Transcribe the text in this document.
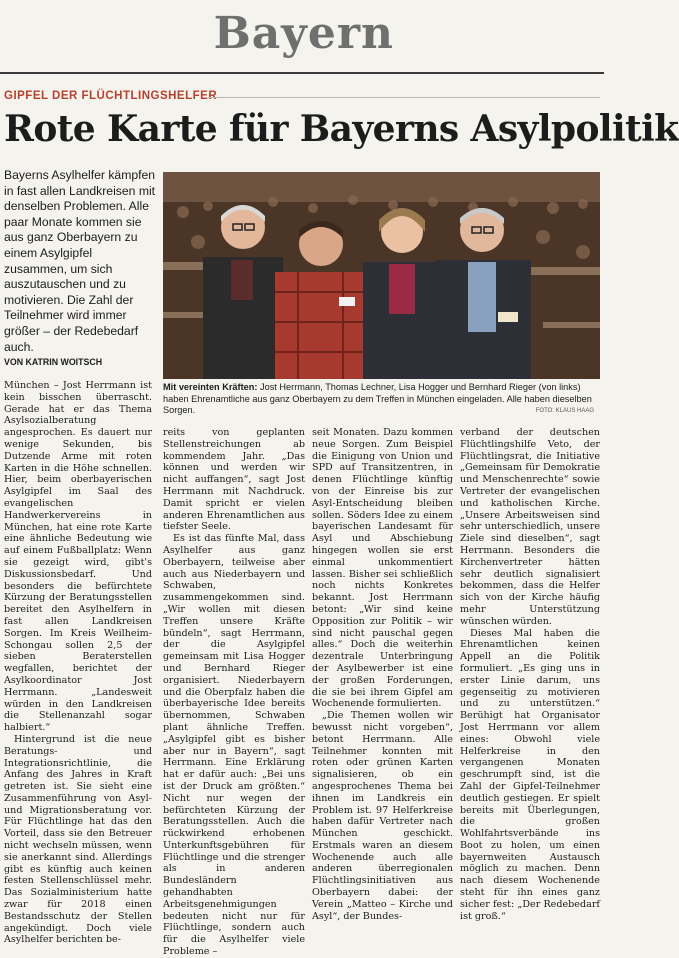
Bayern
GIPFEL DER FLÜCHTLINGSHELFER
Rote Karte für Bayerns Asylpolitik
Bayerns Asylhelfer kämpfen in fast allen Landkreisen mit denselben Problemen. Alle paar Monate kommen sie aus ganz Oberbayern zu einem Asylgipfel zusammen, um sich auszutauschen und zu motivieren. Die Zahl der Teilnehmer wird immer größer – der Redebedarf auch.
VON KATRIN WOITSCH
Mit vereinten Kräften: Jost Herrmann, Thomas Lechner, Lisa Hogger und Bernhard Rieger (von links) haben Ehrenamtliche aus ganz Oberbayern zu dem Treffen in München eingeladen. Alle haben dieselben Sorgen.	FOTO: KLAUS HAAG

München – Jost Herrmann ist kein bisschen überrascht. Gerade hat er das Thema Asylsozialberatung angesprochen. Es dauert nur wenige Sekunden, bis Dutzende Arme mit roten Karten in die Höhe schnellen. Hier, beim oberbayerischen Asylgipfel im Saal des evangelischen Handwerkervereins in München, hat eine rote Karte eine ähnliche Bedeutung wie auf einem Fußballplatz: Wenn sie gezeigt wird, gibt's Diskussionsbedarf. Und besonders die befürchtete Kürzung der Beratungsstellen bereitet den Asylhelfern in fast allen Landkreisen Sorgen. Im Kreis Weilheim-Schongau sollen 2,5 der sieben Beraterstellen wegfallen, berichtet der Asylkoordinator Jost Herrmann. „Landesweit würden in den Landkreisen die Stellenanzahl sogar halbiert.“

Hintergrund ist die neue Beratungs- und Integrationsrichtlinie, die Anfang des Jahres in Kraft getreten ist. Sie sieht eine Zusammenführung von Asyl- und Migrationsberatung vor. Für Flüchtlinge hat das den Vorteil, dass sie den Betreuer nicht wechseln müssen, wenn sie anerkannt sind. Allerdings gibt es künftig auch keinen festen Stellenschlüssel mehr. Das Sozialministerium hatte zwar für 2018 einen Bestandsschutz der Stellen angekündigt. Doch viele Asylhelfer berichten be-

reits von geplanten Stellenstreichungen ab kommendem Jahr. „Das können und werden wir nicht auffangen“, sagt Jost Herrmann mit Nachdruck. Damit spricht er vielen anderen Ehrenamtlichen aus tiefster Seele.

Es ist das fünfte Mal, dass Asylhelfer aus ganz Oberbayern, teilweise aber auch aus Niederbayern und Schwaben, zusammengekommen sind. „Wir wollen mit diesen Treffen unsere Kräfte bündeln“, sagt Herrmann, der die Asylgipfel gemeinsam mit Lisa Hogger und Bernhard Rieger organisiert. Niederbayern und die Oberpfalz haben die überbayerische Idee bereits übernommen, Schwaben plant ähnliche Treffen. „Asylgipfel gibt es bisher aber nur in Bayern“, sagt Herrmann. Eine Erklärung hat er dafür auch: „Bei uns ist der Druck am größten.“ Nicht nur wegen der befürchteten Kürzung der Beratungsstellen. Auch die rückwirkend erhobenen Unterkunftsgebühren für Flüchtlinge und die strenger als in anderen Bundesländern gehandhabten Arbeitsgenehmigungen bedeuten nicht nur für Flüchtlinge, sondern auch für die Asylhelfer viele Probleme –

seit Monaten. Dazu kommen neue Sorgen. Zum Beispiel die Einigung von Union und SPD auf Transitzentren, in denen Flüchtlinge künftig von der Einreise bis zur Asyl-Entscheidung bleiben sollen. Söders Idee zu einem bayerischen Landesamt für Asyl und Abschiebung hingegen wollen sie erst einmal unkommentiert lassen. Bisher sei schließlich noch nichts Konkretes bekannt. Jost Herrmann betont: „Wir sind keine Opposition zur Politik – wir sind nicht pauschal gegen alles.“ Doch die weiterhin dezentrale Unterbringung der Asylbewerber ist eine der großen Forderungen, die sie bei ihrem Gipfel am Wochenende formulierten.

„Die Themen wollen wir bewusst nicht vorgeben“, betont Herrmann. Alle Teilnehmer konnten mit roten oder grünen Karten signalisieren, ob ein angesprochenes Thema bei ihnen im Landkreis ein Problem ist. 97 Helferkreise haben dafür Vertreter nach München geschickt. Erstmals waren an diesem Wochenende auch alle anderen überregionalen Flüchtlingsinitiativen aus Oberbayern dabei: der Verein „Matteo – Kirche und Asyl“, der Bundes-

verband der deutschen Flüchtlingshilfe Veto, der Flüchtlingsrat, die Initiative „Gemeinsam für Demokratie und Menschenrechte“ sowie Vertreter der evangelischen und katholischen Kirche. „Unsere Arbeitsweisen sind sehr unterschiedlich, unsere Ziele sind dieselben“, sagt Herrmann. Besonders die Kirchenvertreter hätten sehr deutlich signalisiert bekommen, dass die Helfer sich von der Kirche häufig mehr Unterstützung wünschen würden.

Dieses Mal haben die Ehrenamtlichen keinen Appell an die Politik formuliert. „Es ging uns in erster Linie darum, uns gegenseitig zu motivieren und zu unterstützen.“ Berühigt hat Organisator Jost Herrmann vor allem eines: Obwohl viele Helferkreise in den vergangenen Monaten geschrumpft sind, ist die Zahl der Gipfel-Teilnehmer deutlich gestiegen. Er spielt bereits mit Überlegungen, die großen Wohlfahrtsverbände ins Boot zu holen, um einen bayernweiten Austausch möglich zu machen. Denn nach diesem Wochenende steht für ihn eines ganz sicher fest: „Der Redebedarf ist groß.“
